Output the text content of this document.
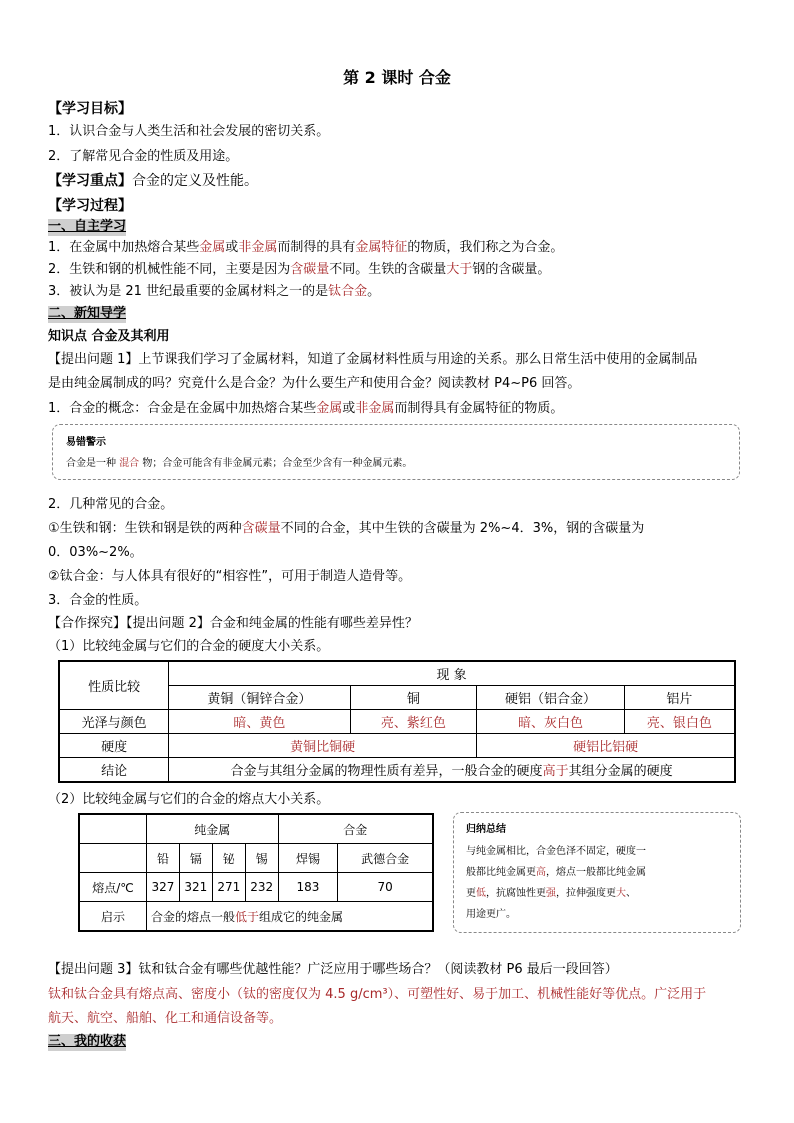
第 2 课时 合金
【学习目标】
1．认识合金与人类生活和社会发展的密切关系。
2．了解常见合金的性质及用途。
【学习重点】合金的定义及性能。
【学习过程】
一、自主学习
1．在金属中加热熔合某些金属或非金属而制得的具有金属特征的物质，我们称之为合金。
2．生铁和钢的机械性能不同，主要是因为含碳量不同。生铁的含碳量大于钢的含碳量。
3．被认为是 21 世纪最重要的金属材料之一的是钛合金。
二、新知导学
知识点 合金及其利用
【提出问题 1】上节课我们学习了金属材料，知道了金属材料性质与用途的关系。那么日常生活中使用的金属制品
是由纯金属制成的吗？究竟什么是合金？为什么要生产和使用合金？阅读教材 P4~P6 回答。
1．合金的概念：合金是在金属中加热熔合某些金属或非金属而制得具有金属特征的物质。
易错警示
合金是一种 混合 物；合金可能含有非金属元素；合金至少含有一种金属元素。
2．几种常见的合金。
①生铁和钢：生铁和钢是铁的两种含碳量不同的合金，其中生铁的含碳量为 2%~4．3%，钢的含碳量为
0．03%~2%。
②钛合金：与人体具有很好的“相容性”，可用于制造人造骨等。
3．合金的性质。
【合作探究】【提出问题 2】合金和纯金属的性能有哪些差异性？
（1）比较纯金属与它们的合金的硬度大小关系。
性质比较	现 象			
	黄铜（铜锌合金）	铜	硬铝（铝合金）	铝片
光泽与颜色	暗、黄色	亮、紫红色	暗、灰白色	亮、银白色
硬度	黄铜比铜硬		硬铝比铝硬	
结论	合金与其组分金属的物理性质有差异，一般合金的硬度高于其组分金属的硬度			
（2）比较纯金属与它们的合金的熔点大小关系。
	纯金属				合金	
	铅	镉	铋	锡	焊锡	武德合金
熔点/℃	327	321	271	232	183	70
启示	合金的熔点一般低于组成它的纯金属					
归纳总结
与纯金属相比，合金色泽不固定，硬度一
般都比纯金属更高，熔点一般都比纯金属
更低，抗腐蚀性更强，拉伸强度更大、
用途更广。
【提出问题 3】钛和钛合金有哪些优越性能？广泛应用于哪些场合？（阅读教材 P6 最后一段回答）
钛和钛合金具有熔点高、密度小（钛的密度仅为 4.5 g/cm³）、可塑性好、易于加工、机械性能好等优点。广泛用于
航天、航空、船舶、化工和通信设备等。
三、我的收获
